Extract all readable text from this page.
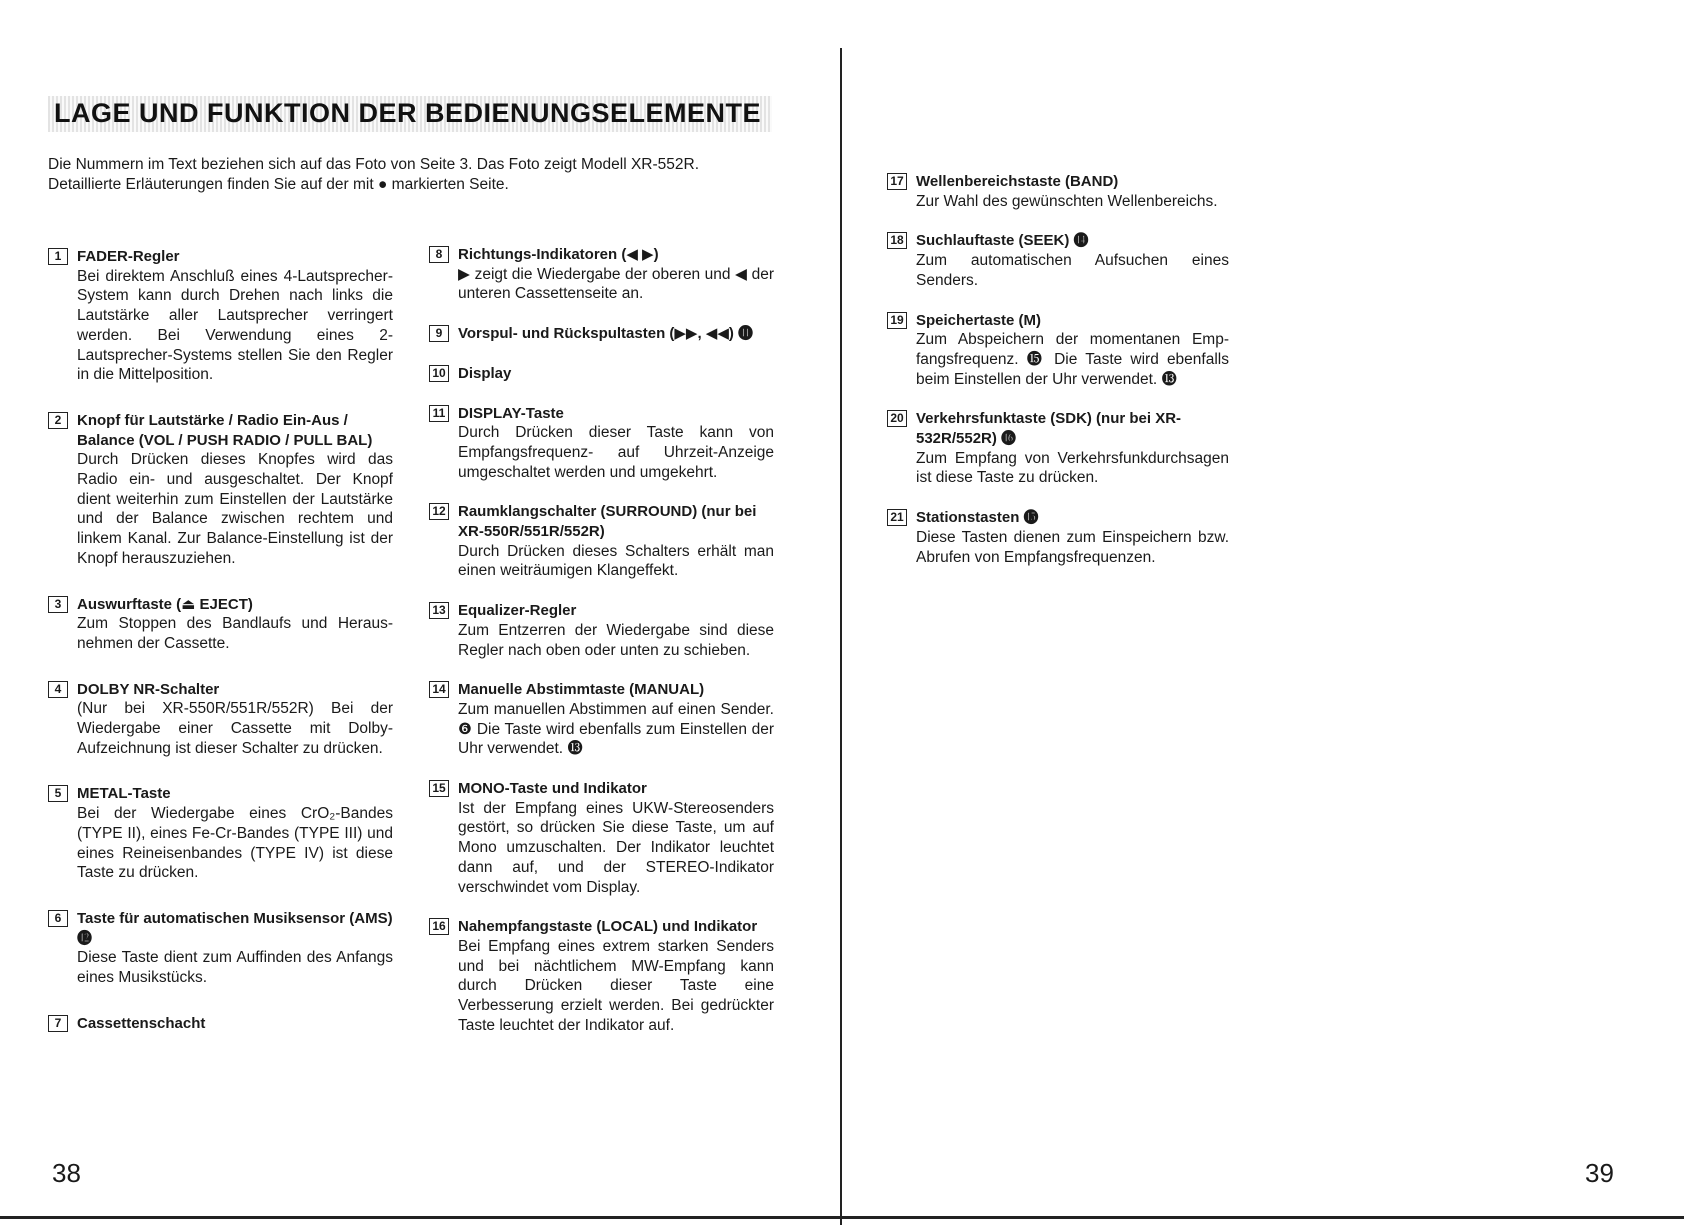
LAGE UND FUNKTION DER BEDIENUNGSELEMENTE
Die Nummern im Text beziehen sich auf das Foto von Seite 3. Das Foto zeigt Modell XR-552R.
Detaillierte Erläuterungen finden Sie auf der mit ● markierten Seite.
1	FADER-Regler

Bei direktem Anschluß eines 4-Lautsprecher-System kann durch Drehen nach links die Lautstärke aller Lautsprecher verringert werden. Bei Verwendung eines 2-Lautsprecher-Systems stellen Sie den Regler in die Mittelposition.

2	Knopf für Lautstärke / Radio Ein-Aus / Balance (VOL / PUSH RADIO / PULL BAL)

Durch Drücken dieses Knopfes wird das Radio ein- und ausgeschaltet. Der Knopf dient weiterhin zum Einstellen der Lautstärke und der Balance zwischen rechtem und linkem Kanal. Zur Balance-Einstellung ist der Knopf herauszuziehen.

3	Auswurftaste (⏏ EJECT)

Zum Stoppen des Bandlaufs und Herausnehmen der Cassette.

4	DOLBY NR-Schalter

(Nur bei XR-550R/551R/552R) Bei der Wiedergabe einer Cassette mit Dolby-Aufzeichnung ist dieser Schalter zu drücken.

5	METAL-Taste

Bei der Wiedergabe eines CrO₂-Bandes (TYPE II), eines Fe-Cr-Bandes (TYPE III) und eines Reineisenbandes (TYPE IV) ist diese Taste zu drücken.

6	Taste für automatischen Musiksensor (AMS) ⓬

Diese Taste dient zum Auffinden des Anfangs eines Musikstücks.

7	Cassettenschacht

8	Richtungs-Indikatoren (◀ ▶)

▶ zeigt die Wiedergabe der oberen und ◀ der unteren Cassettenseite an.

9	Vorspul- und Rückspultasten (▶▶, ◀◀) ⓫

10 Display

11 DISPLAY-Taste

Durch Drücken dieser Taste kann von Empfangsfrequenz- auf Uhrzeit-Anzeige umgeschaltet werden und umgekehrt.

12 Raumklangschalter (SURROUND) (nur bei XR-550R/551R/552R)

Durch Drücken dieses Schalters erhält man einen weiträumigen Klangeffekt.

13 Equalizer-Regler

Zum Entzerren der Wiedergabe sind diese Regler nach oben oder unten zu schieben.

14 Manuelle Abstimmtaste (MANUAL)

Zum manuellen Abstimmen auf einen Sender. ❻ Die Taste wird ebenfalls zum Einstellen der Uhr verwendet. ⓭

15 MONO-Taste und Indikator

Ist der Empfang eines UKW-Stereosenders gestört, so drücken Sie diese Taste, um auf Mono umzuschalten. Der Indikator leuchtet dann auf, und der STEREO-Indikator verschwindet vom Display.

16 Nahempfangstaste (LOCAL) und Indikator

Bei Empfang eines extrem starken Senders und bei nächtlichem MW-Empfang kann durch Drücken dieser Taste eine Verbesserung erzielt werden. Bei gedrückter Taste leuchtet der Indikator auf.

17 Wellenbereichstaste (BAND)

Zur Wahl des gewünschten Wellenbereichs.

18 Suchlauftaste (SEEK) ⓮

Zum automatischen Aufsuchen eines Senders.

19 Speichertaste (M)

Zum Abspeichern der momentanen Empfangsfrequenz. ⓯ Die Taste wird ebenfalls beim Einstellen der Uhr verwendet. ⓭

20 Verkehrsfunktaste (SDK) (nur bei XR-532R/552R) ⓰

Zum Empfang von Verkehrsfunkdurchsagen ist diese Taste zu drücken.

21 Stationstasten ⓯

Diese Tasten dienen zum Einspeichern bzw. Abrufen von Empfangsfrequenzen.

38	39
